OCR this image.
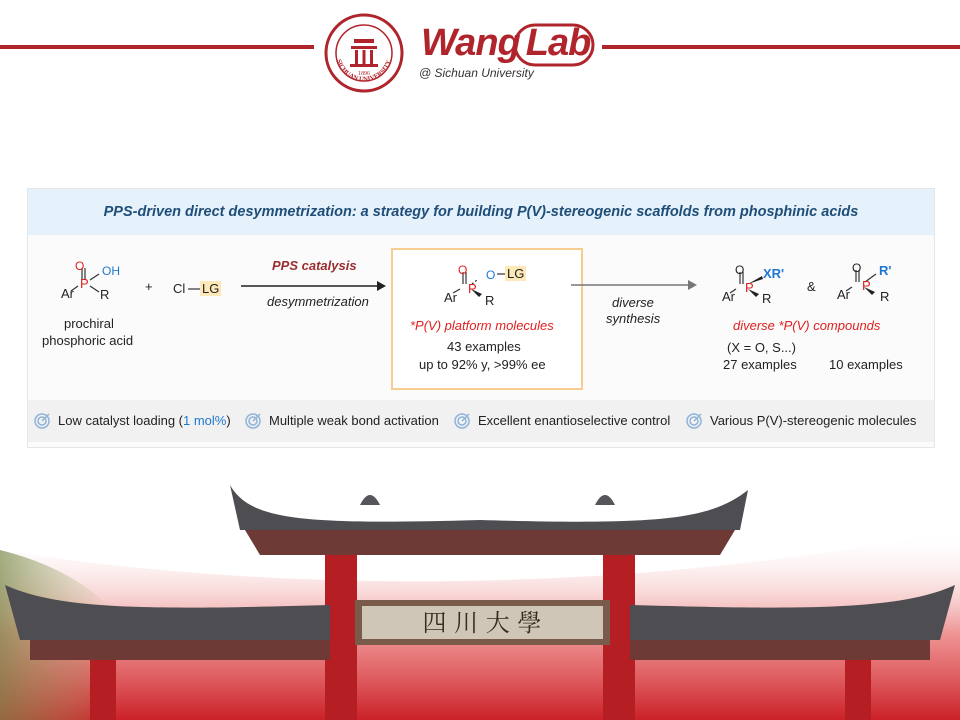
SICHUAN UNIVERSITY
1896
Wang Lab
@ Sichuan University
PPS-driven direct desymmetrization: a strategy for building P(V)-stereogenic scaffolds from phosphinic acids
O OH
P
Ar R
prochiral
phosphoric acid
+ Cl LG
PPS catalysis
desymmetrization
O O LG
P
Ar R
*P(V) platform molecules
43 examples
up to 92% y, >99% ee
diverse
synthesis
O XR'
P
Ar R
&
O R'
P
Ar R
diverse *P(V) compounds
(X = O, S...)
27 examples 10 examples
Low catalyst loading (1 mol%)	Multiple weak bond activation	Excellent enantioselective control	Various P(V)-stereogenic molecules
四 川 大 學
